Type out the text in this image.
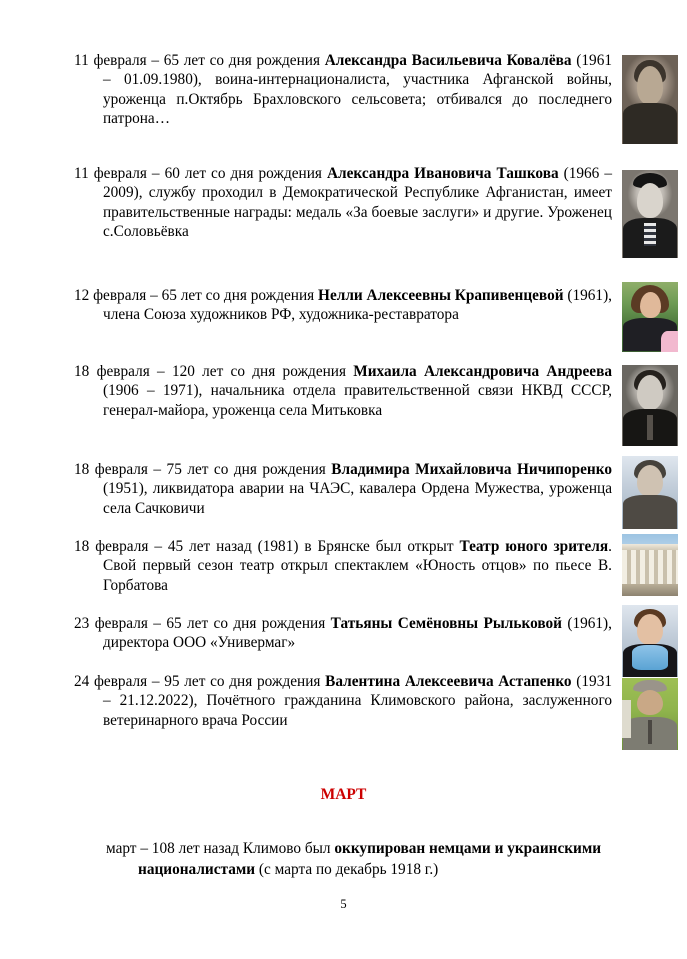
11 февраля – 65 лет со дня рождения Александра Васильевича Ковалёва (1961 – 01.09.1980), воина-интернационалиста, участника Афганской войны, уроженца п.Октябрь Брахловского сельсовета; отбивался до последнего патрона…

11 февраля – 60 лет со дня рождения Александра Ивановича Ташкова (1966 – 2009), службу проходил в Демократической Республике Афганистан, имеет правительственные награды: медаль «За боевые заслуги» и другие. Уроженец с.Соловьёвка

12 февраля – 65 лет со дня рождения Нелли Алексеевны Крапивенцевой (1961), члена Союза художников РФ, художника-реставратора

18 февраля – 120 лет со дня рождения Михаила Александровича Андреева (1906 – 1971), начальника отдела правительственной связи НКВД СССР, генерал-майора, уроженца села Митьковка

18 февраля – 75 лет со дня рождения Владимира Михайловича Ничипоренко (1951), ликвидатора аварии на ЧАЭС, кавалера Ордена Мужества, уроженца села Сачковичи

18 февраля – 45 лет назад (1981) в Брянске был открыт Театр юного зрителя. Свой первый сезон театр открыл спектаклем «Юность отцов» по пьесе В. Горбатова

23 февраля – 65 лет со дня рождения Татьяны Семёновны Рыльковой (1961), директора ООО «Универмаг»

24 февраля – 95 лет со дня рождения Валентина Алексеевича Астапенко (1931 – 21.12.2022), Почётного гражданина Климовского района, заслуженного ветеринарного врача России

МАРТ
март – 108 лет назад Климово был оккупирован немцами и украинскими националистами (с марта по декабрь 1918 г.)
5
